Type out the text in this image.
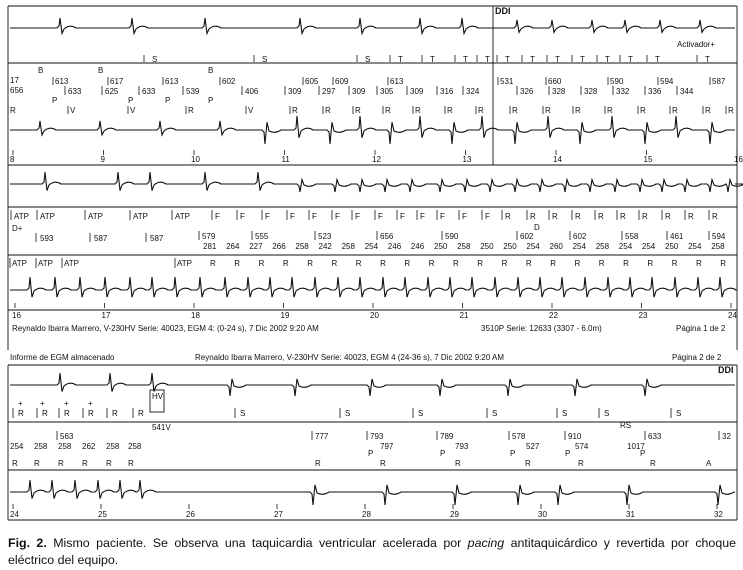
S	S	S	T	T	T T T	T	T	T	T T	T	T
17
656
B	B	B
613	617	613	602	605 609	613	531	660	590	594	587
633	625	633	539	406	309	297 309 305 309 316 324	326 328 328 332 336 344
P	P	P	P
R	V	V	R	V	R	R	R	R	R	R	R	R	R	R	R	R	R	R R
8	9	10	11	12	13	14	15	16
ATP ATP	ATP	ATP	ATP	F	F	F	F F F F F F F F F F R R R R R R R R R R
593	587	587	579	555	523	656	590	602	602	558	461	594
281 264 227 266 258 242 258 254 246 246 250 258 250 250 254 260 254 258 254 254 250 254 258
ATP ATP ATP	ATP R R R R R R R R R R R R R R R R R R R R R R
16	17	18	19	20	21	22	23	24
R R R R R	R	S	S	S	S	S	S	S
+ + + +
563	777	793	789	578	910	633	32
254 258 258 262 258 258	797	793	527	574	1017
R R R R R R	R	R
P
R
P
R
P
R
P
R
P
A
24	25	26	27	28	29	30	31	32
DDI
Activador+
D+	D
Reynaldo Ibarra Marrero, V-230HV Serie: 40023, EGM 4: (0-24 s), 7 Dic 2002 9:20 AM	3510P Serie: 12633 (3307 - 6.0m)	Página 1 de 2
Informe de EGM almacenado	Reynaldo Ibarra Marrero, V-230HV Serie: 40023, EGM 4 (24-36 s), 7 Dic 2002 9:20 AM	Página 2 de 2
DDI
HV
541V	RS
Fig. 2. Mismo paciente. Se observa una taquicardia ventricular acelerada por pacing antitaquicárdico y revertida por choque eléctrico del equipo.
